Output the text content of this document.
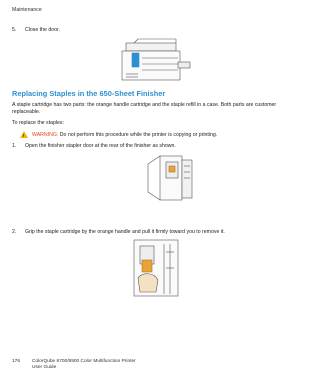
Maintenance
5. Close the door.
Replacing Staples in the 650-Sheet Finisher
A staple cartridge has two parts: the orange handle cartridge and the staple refill in a case. Both parts are customer replaceable.
To replace the staples:
! WARNING: Do not perform this procedure while the printer is copying or printing.
1. Open the finisher stapler door at the rear of the finisher as shown.
2. Grip the staple cartridge by the orange handle and pull it firmly toward you to remove it.
176 ColorQube 8700/8900 Color Multifunction Printer
User Guide
